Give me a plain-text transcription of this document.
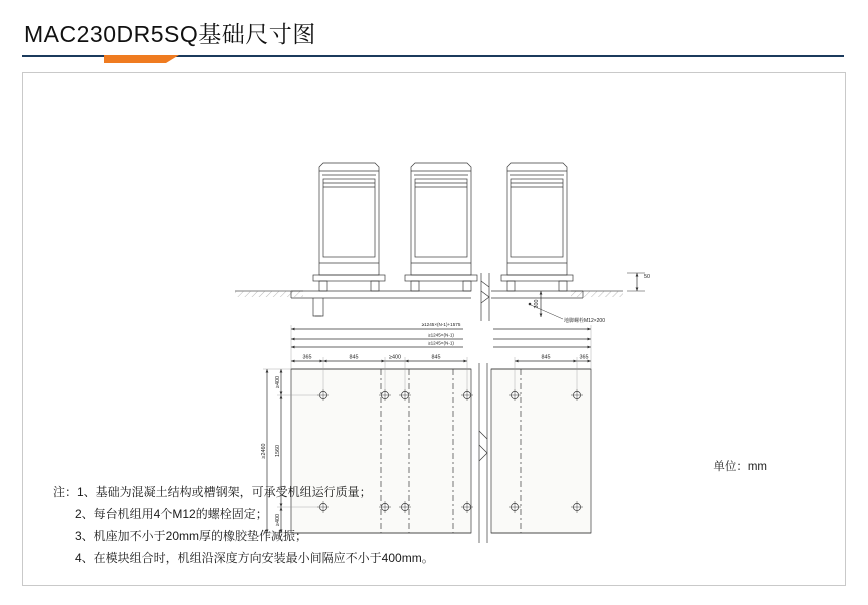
MAC230DR5SQ基础尺寸图
≥1245×(N-1)+1575
≥1245×(N-1)
≥1245×(N-1)
365	845	≥400	845	845	365
≥400
1560
≥400
≥2460
50
300
地脚螺栓M12×200
单位：mm
注：1、基础为混凝土结构或槽钢架，可承受机组运行质量；
2、每台机组用4个M12的螺栓固定；
3、机座加不小于20mm厚的橡胶垫作减振；
4、在模块组合时，机组沿深度方向安装最小间隔应不小于400mm。
